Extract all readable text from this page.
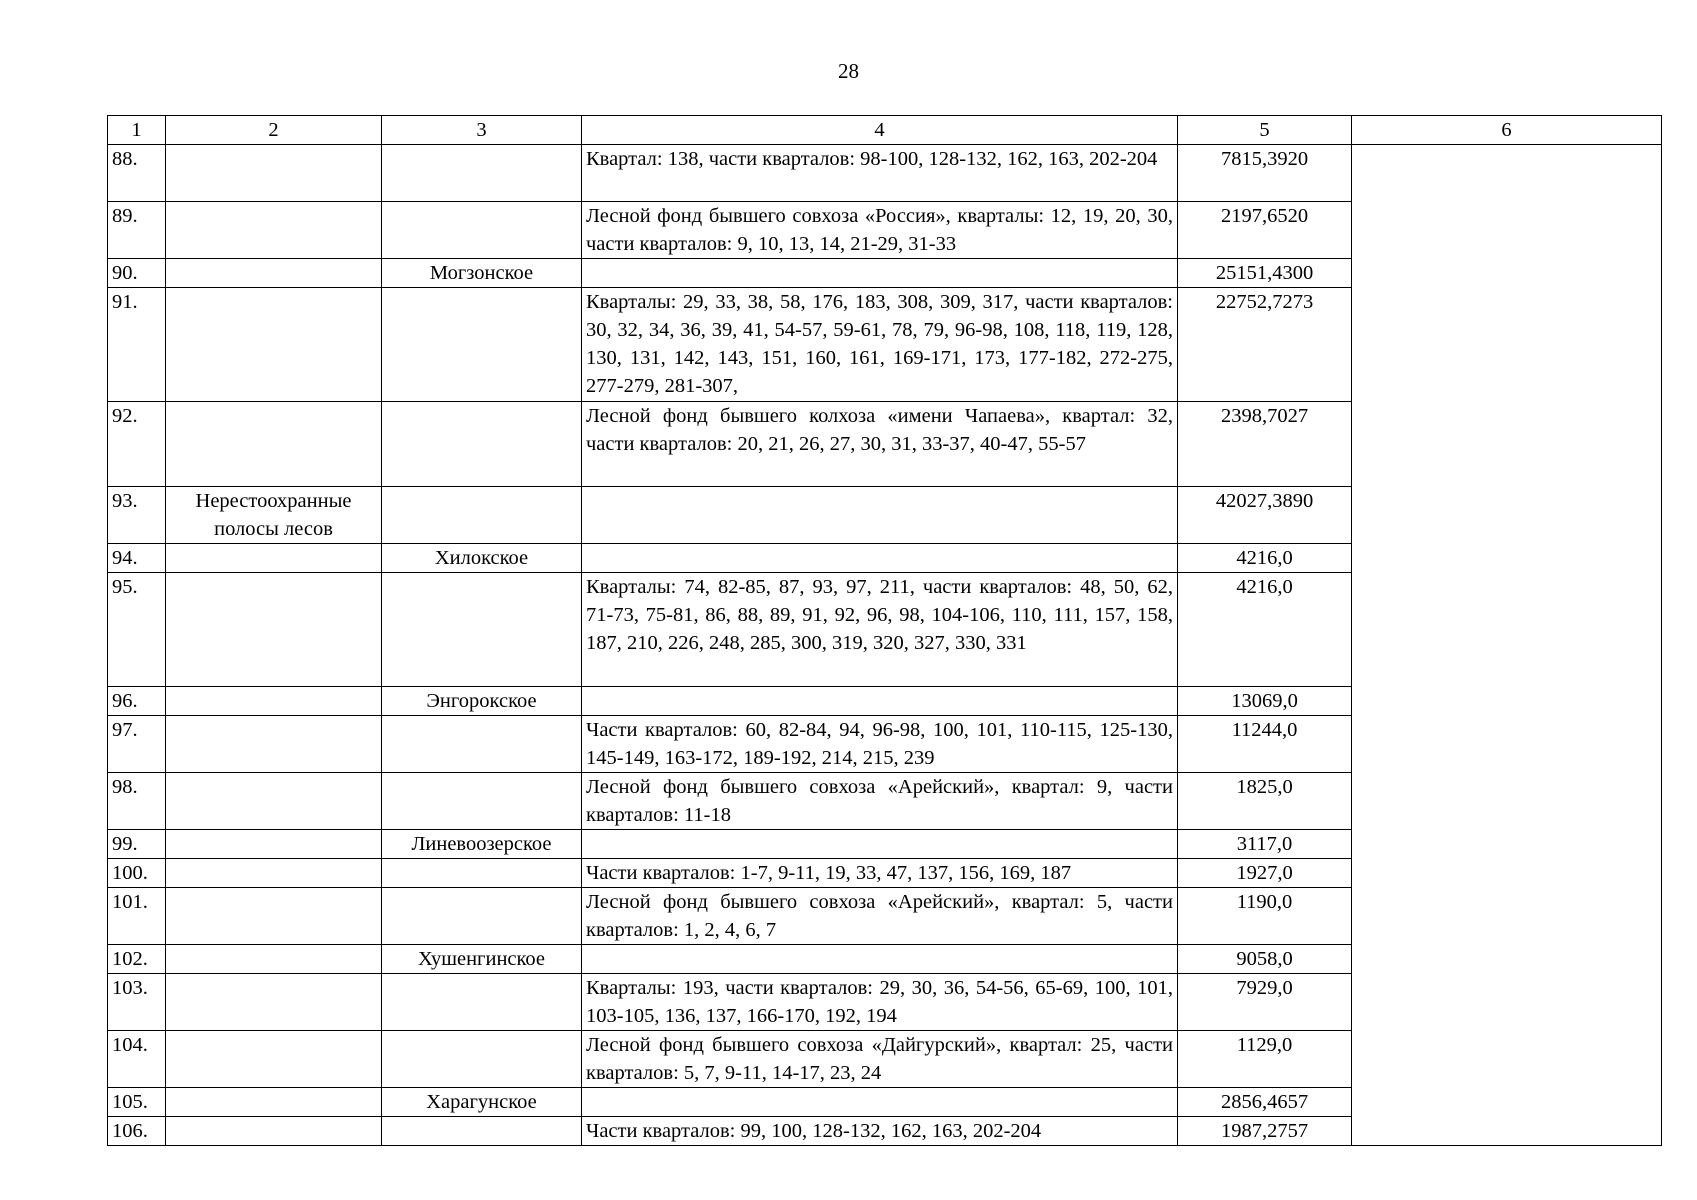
28
1	2	3	4	5	6
88.			Квартал: 138, части кварталов: 98-100, 128-132, 162, 163, 202-204	7815,3920	
89.			Лесной фонд бывшего совхоза «Россия», кварталы: 12, 19, 20, 30, части кварталов: 9, 10, 13, 14, 21-29, 31-33	2197,6520	
90.		Могзонское		25151,4300	
91.			Кварталы: 29, 33, 38, 58, 176, 183, 308, 309, 317, части кварталов: 30, 32, 34, 36, 39, 41, 54-57, 59-61, 78, 79, 96-98, 108, 118, 119, 128, 130, 131, 142, 143, 151, 160, 161, 169-171, 173, 177-182, 272-275, 277-279, 281-307,	22752,7273	
92.			Лесной фонд бывшего колхоза «имени Чапаева», квартал: 32, части кварталов: 20, 21, 26, 27, 30, 31, 33-37, 40-47, 55-57	2398,7027	
93.	Нерестоохранные полосы лесов			42027,3890	
94.		Хилокское		4216,0	
95.			Кварталы: 74, 82-85, 87, 93, 97, 211, части кварталов: 48, 50, 62, 71-73, 75-81, 86, 88, 89, 91, 92, 96, 98, 104-106, 110, 111, 157, 158, 187, 210, 226, 248, 285, 300, 319, 320, 327, 330, 331	4216,0	
96.		Энгорокское		13069,0	
97.			Части кварталов: 60, 82-84, 94, 96-98, 100, 101, 110-115, 125-130, 145-149, 163-172, 189-192, 214, 215, 239	11244,0	
98.			Лесной фонд бывшего совхоза «Арейский», квартал: 9, части кварталов: 11-18	1825,0	
99.		Линевоозерское		3117,0	
100.			Части кварталов: 1-7, 9-11, 19, 33, 47, 137, 156, 169, 187	1927,0	
101.			Лесной фонд бывшего совхоза «Арейский», квартал: 5, части кварталов: 1, 2, 4, 6, 7	1190,0	
102.		Хушенгинское		9058,0	
103.			Кварталы: 193, части кварталов: 29, 30, 36, 54-56, 65-69, 100, 101, 103-105, 136, 137, 166-170, 192, 194	7929,0	
104.			Лесной фонд бывшего совхоза «Дайгурский», квартал: 25, части кварталов: 5, 7, 9-11, 14-17, 23, 24	1129,0	
105.		Харагунское		2856,4657	
106.			Части кварталов: 99, 100, 128-132, 162, 163, 202-204	1987,2757	
